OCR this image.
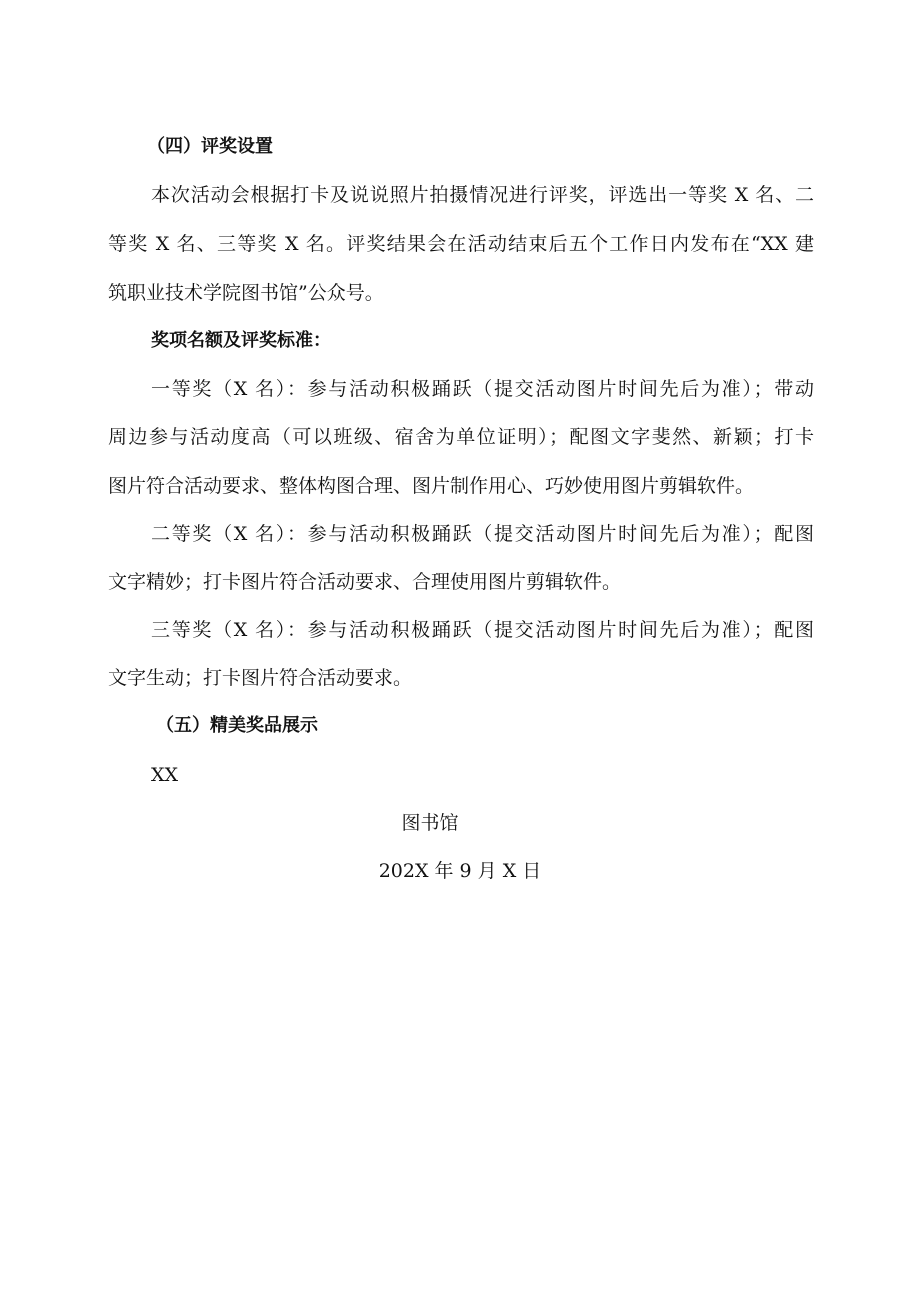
（四）评奖设置
本次活动会根据打卡及说说照片拍摄情况进行评奖，评选出一等奖 X 名、二
等奖 X 名、三等奖 X 名。评奖结果会在活动结束后五个工作日内发布在“XX 建
筑职业技术学院图书馆”公众号。
奖项名额及评奖标准：
一等奖（X 名）：参与活动积极踊跃（提交活动图片时间先后为准）；带动
周边参与活动度高（可以班级、宿舍为单位证明）；配图文字斐然、新颖；打卡
图片符合活动要求、整体构图合理、图片制作用心、巧妙使用图片剪辑软件。
二等奖（X 名）：参与活动积极踊跃（提交活动图片时间先后为准）；配图
文字精妙；打卡图片符合活动要求、合理使用图片剪辑软件。
三等奖（X 名）：参与活动积极踊跃（提交活动图片时间先后为准）；配图
文字生动；打卡图片符合活动要求。
（五）精美奖品展示
XX
图书馆
202X 年 9 月 X 日
